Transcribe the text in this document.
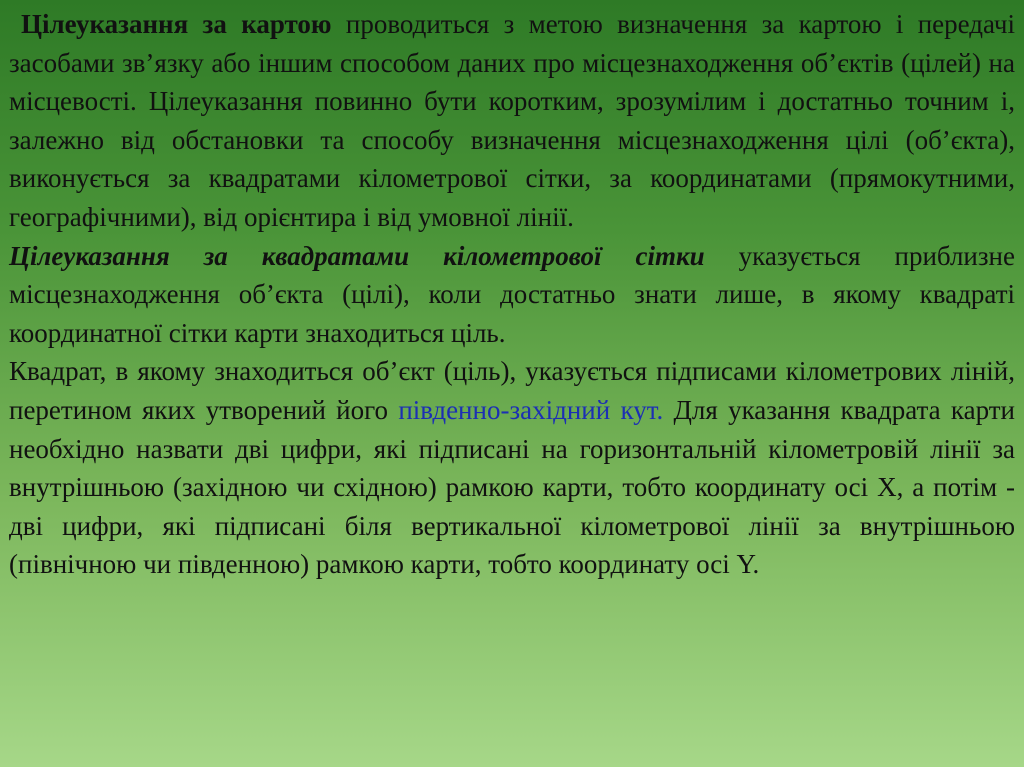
Цілеуказання за картою проводиться з метою визначення за картою і передачі засобами зв’язку або іншим способом даних про місцезнаходження об’єктів (цілей) на місцевості. Цілеуказання повинно бути коротким, зрозумілим і достатньо точним і, залежно від обстановки та способу визначення місцезнаходження цілі (об’єкта), виконується за квадратами кілометрової сітки, за координатами (прямокутними, географічними), від орієнтира і від умовної лінії.

Цілеуказання за квадратами кілометрової сітки указується приблизне місцезнаходження об’єкта (цілі), коли достатньо знати лише, в якому квадраті координатної сітки карти знаходиться ціль.

Квадрат, в якому знаходиться об’єкт (ціль), указується підписами кілометрових ліній, перетином яких утворений його південно-західний кут. Для указання квадрата карти необхідно назвати дві цифри, які підписані на горизонтальній кілометровій лінії за внутрішньою (західною чи східною) рамкою карти, тобто координату осі X, а потім - дві цифри, які підписані біля вертикальної кілометрової лінії за внутрішньою (північною чи південною) рамкою карти, тобто координату осі Y.
